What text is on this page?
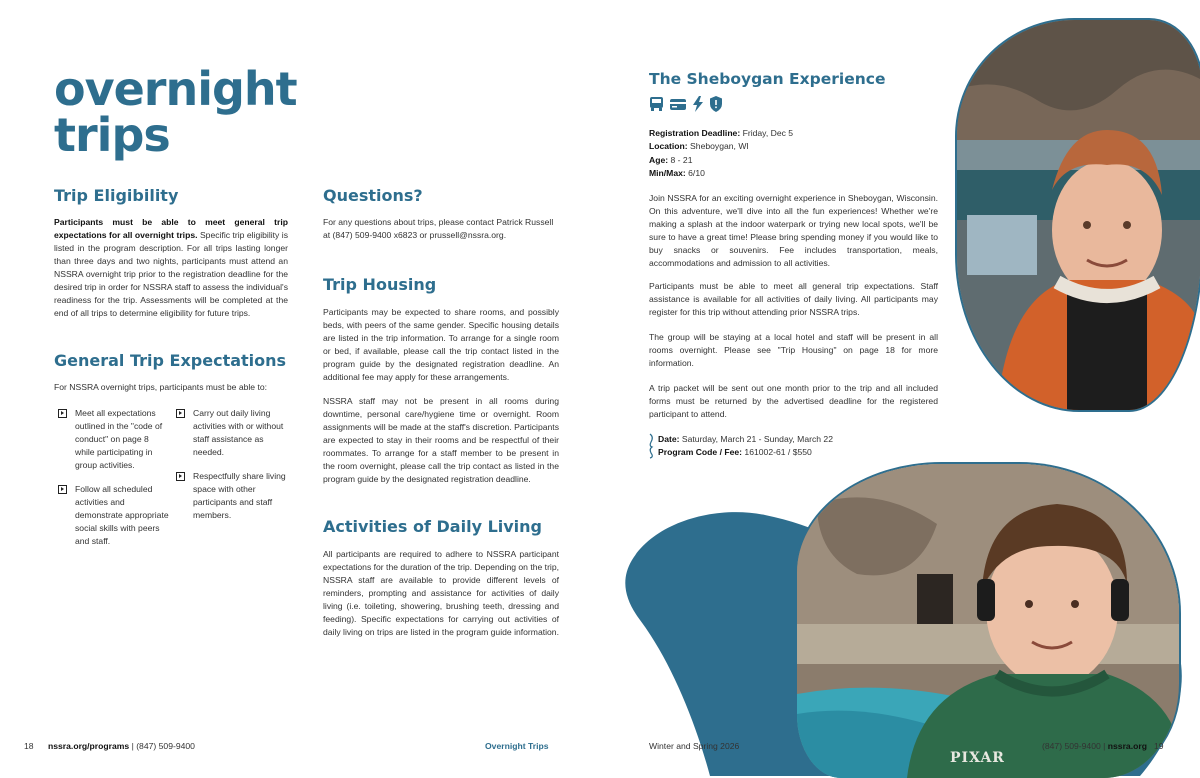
overnight
trips
Trip Eligibility
Participants must be able to meet general trip expectations for all overnight trips. Specific trip eligibility is listed in the program description. For all trips lasting longer than three days and two nights, participants must attend an NSSRA overnight trip prior to the registration deadline for the desired trip in order for NSSRA staff to assess the individual's readiness for the trip. Assessments will be completed at the end of all trips to determine eligibility for future trips.
General Trip Expectations
For NSSRA overnight trips, participants must be able to:
Meet all expectations outlined in the "code of conduct" on page 8 while participating in group activities.
Follow all scheduled activities and demonstrate appropriate social skills with peers and staff.
Carry out daily living activities with or without staff assistance as needed.
Respectfully share living space with other participants and staff members.
Questions?
For any questions about trips, please contact Patrick Russell at (847) 509-9400 x6823 or prussell@nssra.org.
Trip Housing
Participants may be expected to share rooms, and possibly beds, with peers of the same gender. Specific housing details are listed in the trip information. To arrange for a single room or bed, if available, please call the trip contact listed in the program guide by the designated registration deadline. An additional fee may apply for these arrangements.
NSSRA staff may not be present in all rooms during downtime, personal care/hygiene time or overnight. Room assignments will be made at the staff's discretion. Participants are expected to stay in their rooms and be respectful of their roommates. To arrange for a staff member to be present in the room overnight, please call the trip contact as listed in the program guide by the designated registration deadline.
Activities of Daily Living
All participants are required to adhere to NSSRA participant expectations for the duration of the trip. Depending on the trip, NSSRA staff are available to provide different levels of reminders, prompting and assistance for activities of daily living (i.e. toileting, showering, brushing teeth, dressing and feeding). Specific expectations for carrying out activities of daily living on trips are listed in the program guide information.
18 nssra.org/programs | (847) 509-9400	Overnight Trips
The Sheboygan Experience
Registration Deadline: Friday, Dec 5
Location: Sheboygan, WI
Age: 8 - 21
Min/Max: 6/10
Join NSSRA for an exciting overnight experience in Sheboygan, Wisconsin. On this adventure, we'll dive into all the fun experiences! Whether we're making a splash at the indoor waterpark or trying new local spots, we'll be sure to have a great time! Please bring spending money if you would like to buy snacks or souvenirs. Fee includes transportation, meals, accommodations and admission to all activities.
Participants must be able to meet all general trip expectations. Staff assistance is available for all activities of daily living. All participants may register for this trip without attending prior NSSRA trips.
The group will be staying at a local hotel and staff will be present in all rooms overnight. Please see "Trip Housing" on page 18 for more information.
A trip packet will be sent out one month prior to the trip and all included forms must be returned by the advertised deadline for the registered participant to attend.
Date: Saturday, March 21 - Sunday, March 22
Program Code / Fee: 161002-61 / $550
PIXAR
Winter and Spring 2026	(847) 509-9400 | nssra.org 19
